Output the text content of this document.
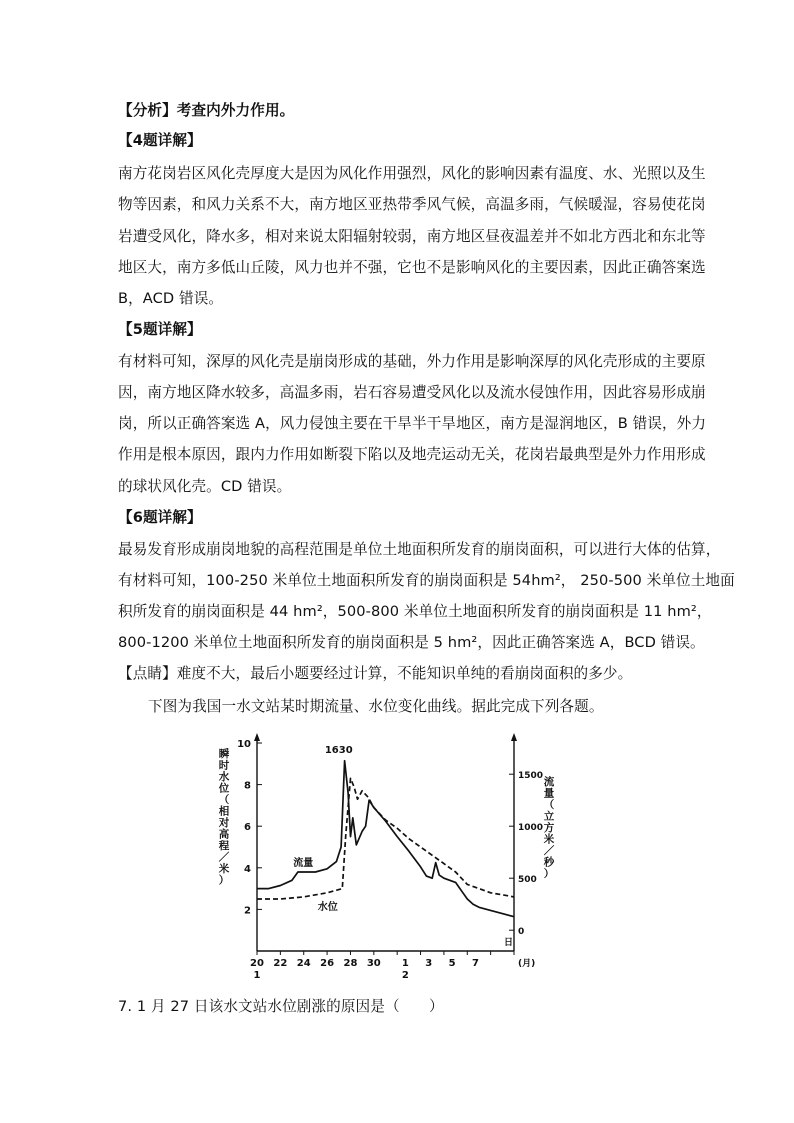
【分析】考查内外力作用。
【4题详解】
南方花岗岩区风化壳厚度大是因为风化作用强烈，风化的影响因素有温度、水、光照以及生
物等因素，和风力关系不大，南方地区亚热带季风气候，高温多雨，气候暖湿，容易使花岗
岩遭受风化，降水多，相对来说太阳辐射较弱，南方地区昼夜温差并不如北方西北和东北等
地区大，南方多低山丘陵，风力也并不强，它也不是影响风化的主要因素，因此正确答案选
B，ACD 错误。
【5题详解】
有材料可知，深厚的风化壳是崩岗形成的基础，外力作用是影响深厚的风化壳形成的主要原
因，南方地区降水较多，高温多雨，岩石容易遭受风化以及流水侵蚀作用，因此容易形成崩
岗，所以正确答案选 A，风力侵蚀主要在干旱半干旱地区，南方是湿润地区，B 错误，外力
作用是根本原因，跟内力作用如断裂下陷以及地壳运动无关，花岗岩最典型是外力作用形成
的球状风化壳。CD 错误。
【6题详解】
最易发育形成崩岗地貌的高程范围是单位土地面积所发育的崩岗面积，可以进行大体的估算，
有材料可知，100-250 米单位土地面积所发育的崩岗面积是 54hm²， 250-500 米单位土地面
积所发育的崩岗面积是 44 hm²，500-800 米单位土地面积所发育的崩岗面积是 11 hm²，
800-1200 米单位土地面积所发育的崩岗面积是 5 hm²，因此正确答案选 A，BCD 错误。
【点睛】难度不大，最后小题要经过计算，不能知识单纯的看崩岗面积的多少。
下图为我国一水文站某时期流量、水位变化曲线。据此完成下列各题。
2
4
6
8
10
0
500
1000
1500
20 22 24 26 28 30 1 3 5 7
1	2
日
(月)
瞬时水位（相对高程／米）
流量（立方米／秒）
流量
水位
1630
7. 1 月 27 日该水文站水位剧涨的原因是（　　）
